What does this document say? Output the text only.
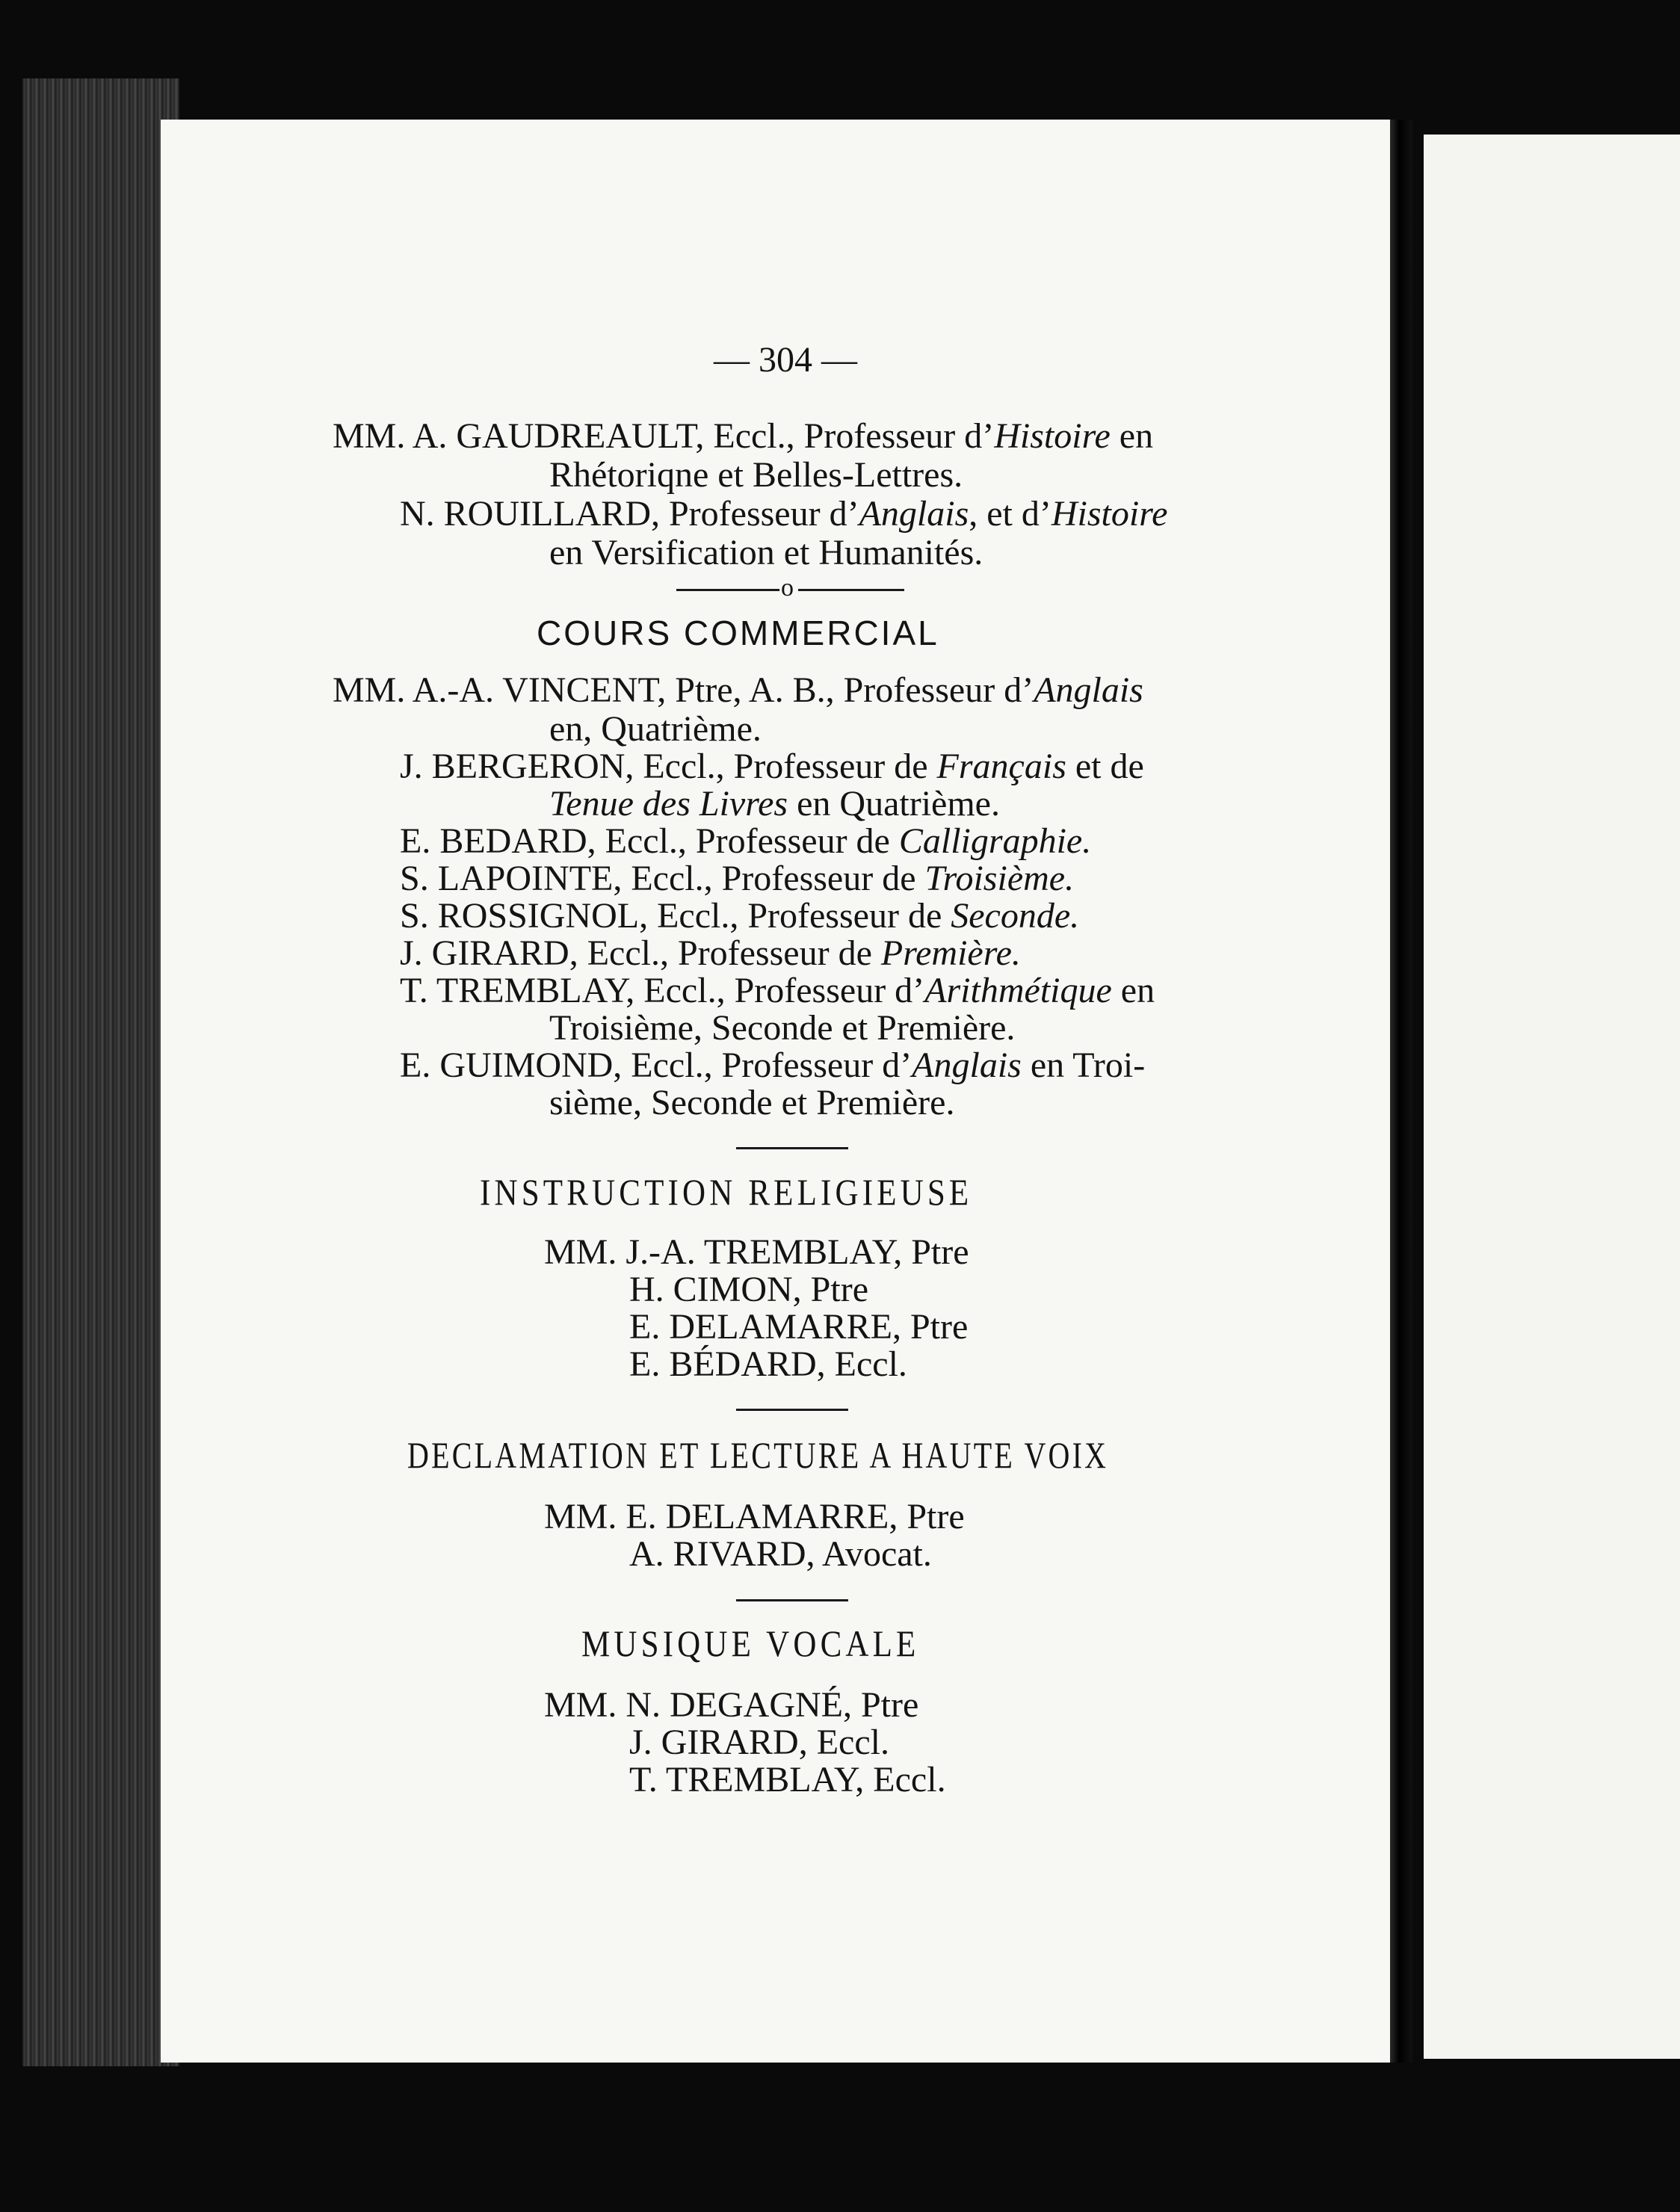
— 304 —
MM. A. GAUDREAULT, Eccl., Professeur d’Histoire en
Rhétoriqne et Belles-Lettres.
N. ROUILLARD, Professeur d’Anglais, et d’Histoire
en Versification et Humanités.
o
COURS COMMERCIAL
MM. A.-A. VINCENT, Ptre, A. B., Professeur d’Anglais
en, Quatrième.
J. BERGERON, Eccl., Professeur de Français et de
Tenue des Livres en Quatrième.
E. BEDARD, Eccl., Professeur de Calligraphie.
S. LAPOINTE, Eccl., Professeur de Troisième.
S. ROSSIGNOL, Eccl., Professeur de Seconde.
J. GIRARD, Eccl., Professeur de Première.
T. TREMBLAY, Eccl., Professeur d’Arithmétique en
Troisième, Seconde et Première.
E. GUIMOND, Eccl., Professeur d’Anglais en Troi-
sième, Seconde et Première.
INSTRUCTION RELIGIEUSE
MM. J.-A. TREMBLAY, Ptre
H. CIMON, Ptre
E. DELAMARRE, Ptre
E. BÉDARD, Eccl.
DECLAMATION ET LECTURE A HAUTE VOIX
MM. E. DELAMARRE, Ptre
A. RIVARD, Avocat.
MUSIQUE VOCALE
MM. N. DEGAGNÉ, Ptre
J. GIRARD, Eccl.
T. TREMBLAY, Eccl.
